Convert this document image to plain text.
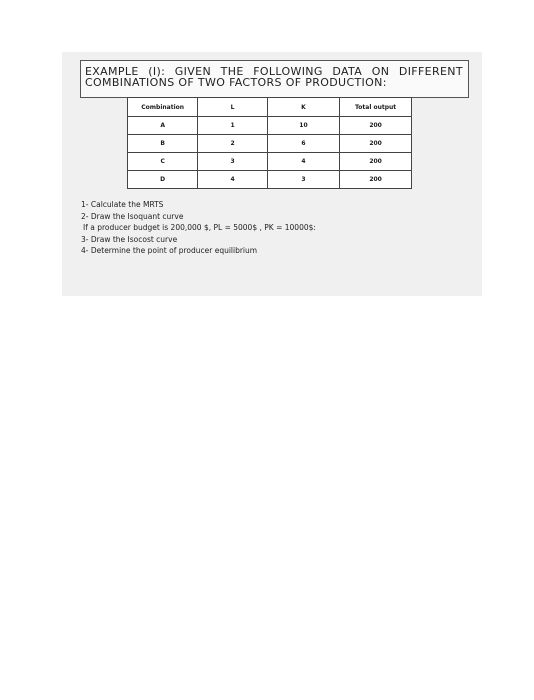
EXAMPLE (I): GIVEN THE FOLLOWING DATA ON DIFFERENT
COMBINATIONS OF TWO FACTORS OF PRODUCTION:
Combination	L	K	Total output
A	1	10	200
B	2	6	200
C	3	4	200
D	4	3	200
1- Calculate the MRTS
2- Draw the Isoquant curve
If a producer budget is 200,000 $, PL = 5000$ , PK = 10000$:
3- Draw the Isocost curve
4- Determine the point of producer equilibrium
